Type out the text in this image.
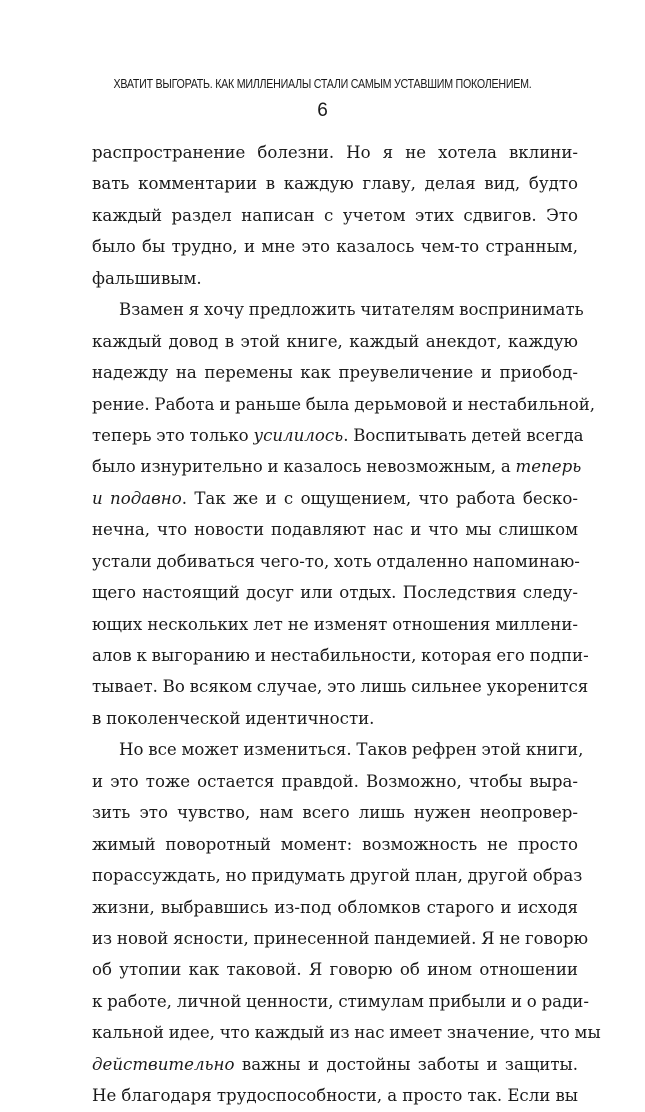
ХВАТИТ ВЫГОРАТЬ. КАК МИЛЛЕНИАЛЫ СТАЛИ САМЫМ УСТАВШИМ ПОКОЛЕНИЕМ.
6
распространение болезни. Но я не хотела вклини-
вать комментарии в каждую главу, делая вид, будто
каждый раздел написан с учетом этих сдвигов. Это
было бы трудно, и мне это казалось чем-то странным,
фальшивым.
Взамен я хочу предложить читателям воспринимать
каждый довод в этой книге, каждый анекдот, каждую
надежду на перемены как преувеличение и приобод-
рение. Работа и раньше была дерьмовой и нестабильной,
теперь это только усилилось. Воспитывать детей всегда
было изнурительно и казалось невозможным, а теперь
и подавно. Так же и с ощущением, что работа беско-
нечна, что новости подавляют нас и что мы слишком
устали добиваться чего-то, хоть отдаленно напоминаю-
щего настоящий досуг или отдых. Последствия следу-
ющих нескольких лет не изменят отношения миллени-
алов к выгоранию и нестабильности, которая его подпи-
тывает. Во всяком случае, это лишь сильнее укоренится
в поколенческой идентичности.
Но все может измениться. Таков рефрен этой книги,
и это тоже остается правдой. Возможно, чтобы выра-
зить это чувство, нам всего лишь нужен неопровер-
жимый поворотный момент: возможность не просто
порассуждать, но придумать другой план, другой образ
жизни, выбравшись из-под обломков старого и исходя
из новой ясности, принесенной пандемией. Я не говорю
об утопии как таковой. Я говорю об ином отношении
к работе, личной ценности, стимулам прибыли и о ради-
кальной идее, что каждый из нас имеет значение, что мы
действительно важны и достойны заботы и защиты.
Не благодаря трудоспособности, а просто так. Если вы
